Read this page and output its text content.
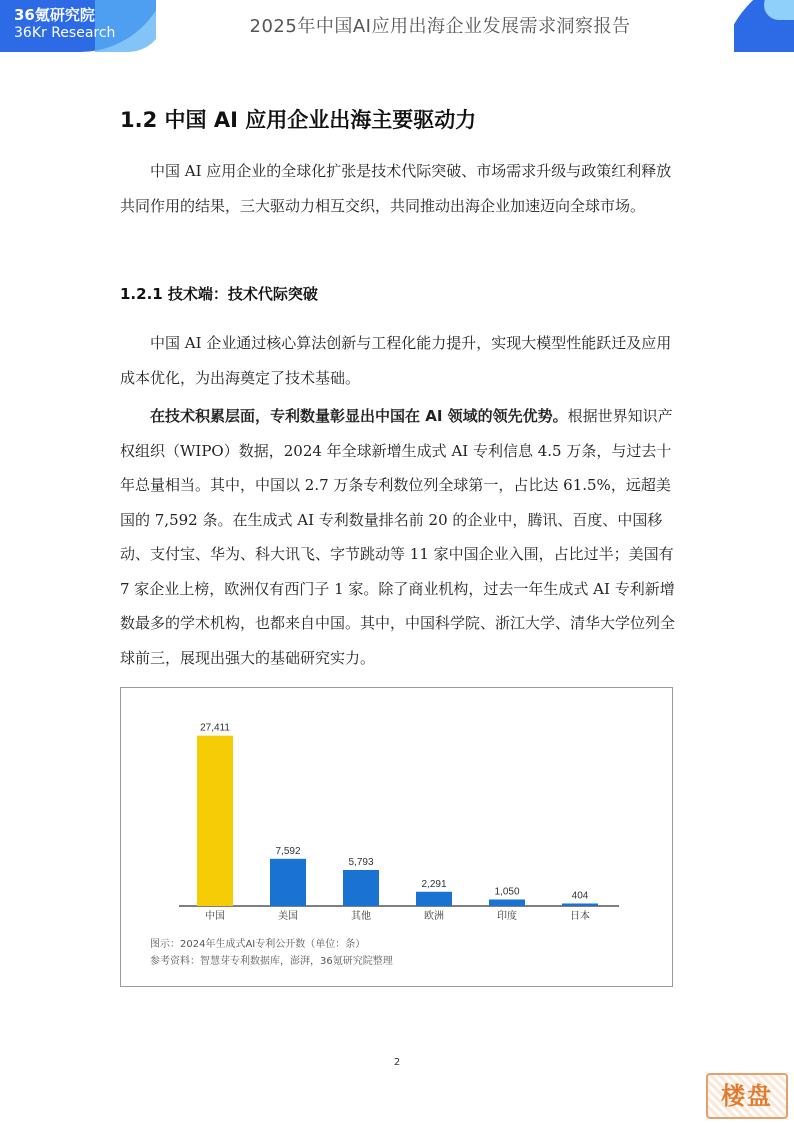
36氪研究院
36Kr Research	2025年中国AI应用出海企业发展需求洞察报告
1.2 中国 AI 应用企业出海主要驱动力

中国 AI 应用企业的全球化扩张是技术代际突破、市场需求升级与政策红利释放共同作用的结果，三大驱动力相互交织，共同推动出海企业加速迈向全球市场。

1.2.1 技术端：技术代际突破

中国 AI 企业通过核心算法创新与工程化能力提升，实现大模型性能跃迁及应用成本优化，为出海奠定了技术基础。

在技术积累层面，专利数量彰显出中国在 AI 领域的领先优势。根据世界知识产权组织（WIPO）数据，2024 年全球新增生成式 AI 专利信息 4.5 万条，与过去十年总量相当。其中，中国以 2.7 万条专利数位列全球第一，占比达 61.5%，远超美国的 7,592 条。在生成式 AI 专利数量排名前 20 的企业中，腾讯、百度、中国移动、支付宝、华为、科大讯飞、字节跳动等 11 家中国企业入围，占比过半；美国有 7 家企业上榜，欧洲仅有西门子 1 家。除了商业机构，过去一年生成式 AI 专利新增数最多的学术机构，也都来自中国。其中，中国科学院、浙江大学、清华大学位列全球前三，展现出强大的基础研究实力。

27,411
中国
7,592
美国
5,793
其他
2,291
欧洲
1,050
印度
404
日本
图示：2024年生成式AI专利公开数（单位：条）
参考资料：智慧芽专利数据库，澎湃，36氪研究院整理
2
楼盘
